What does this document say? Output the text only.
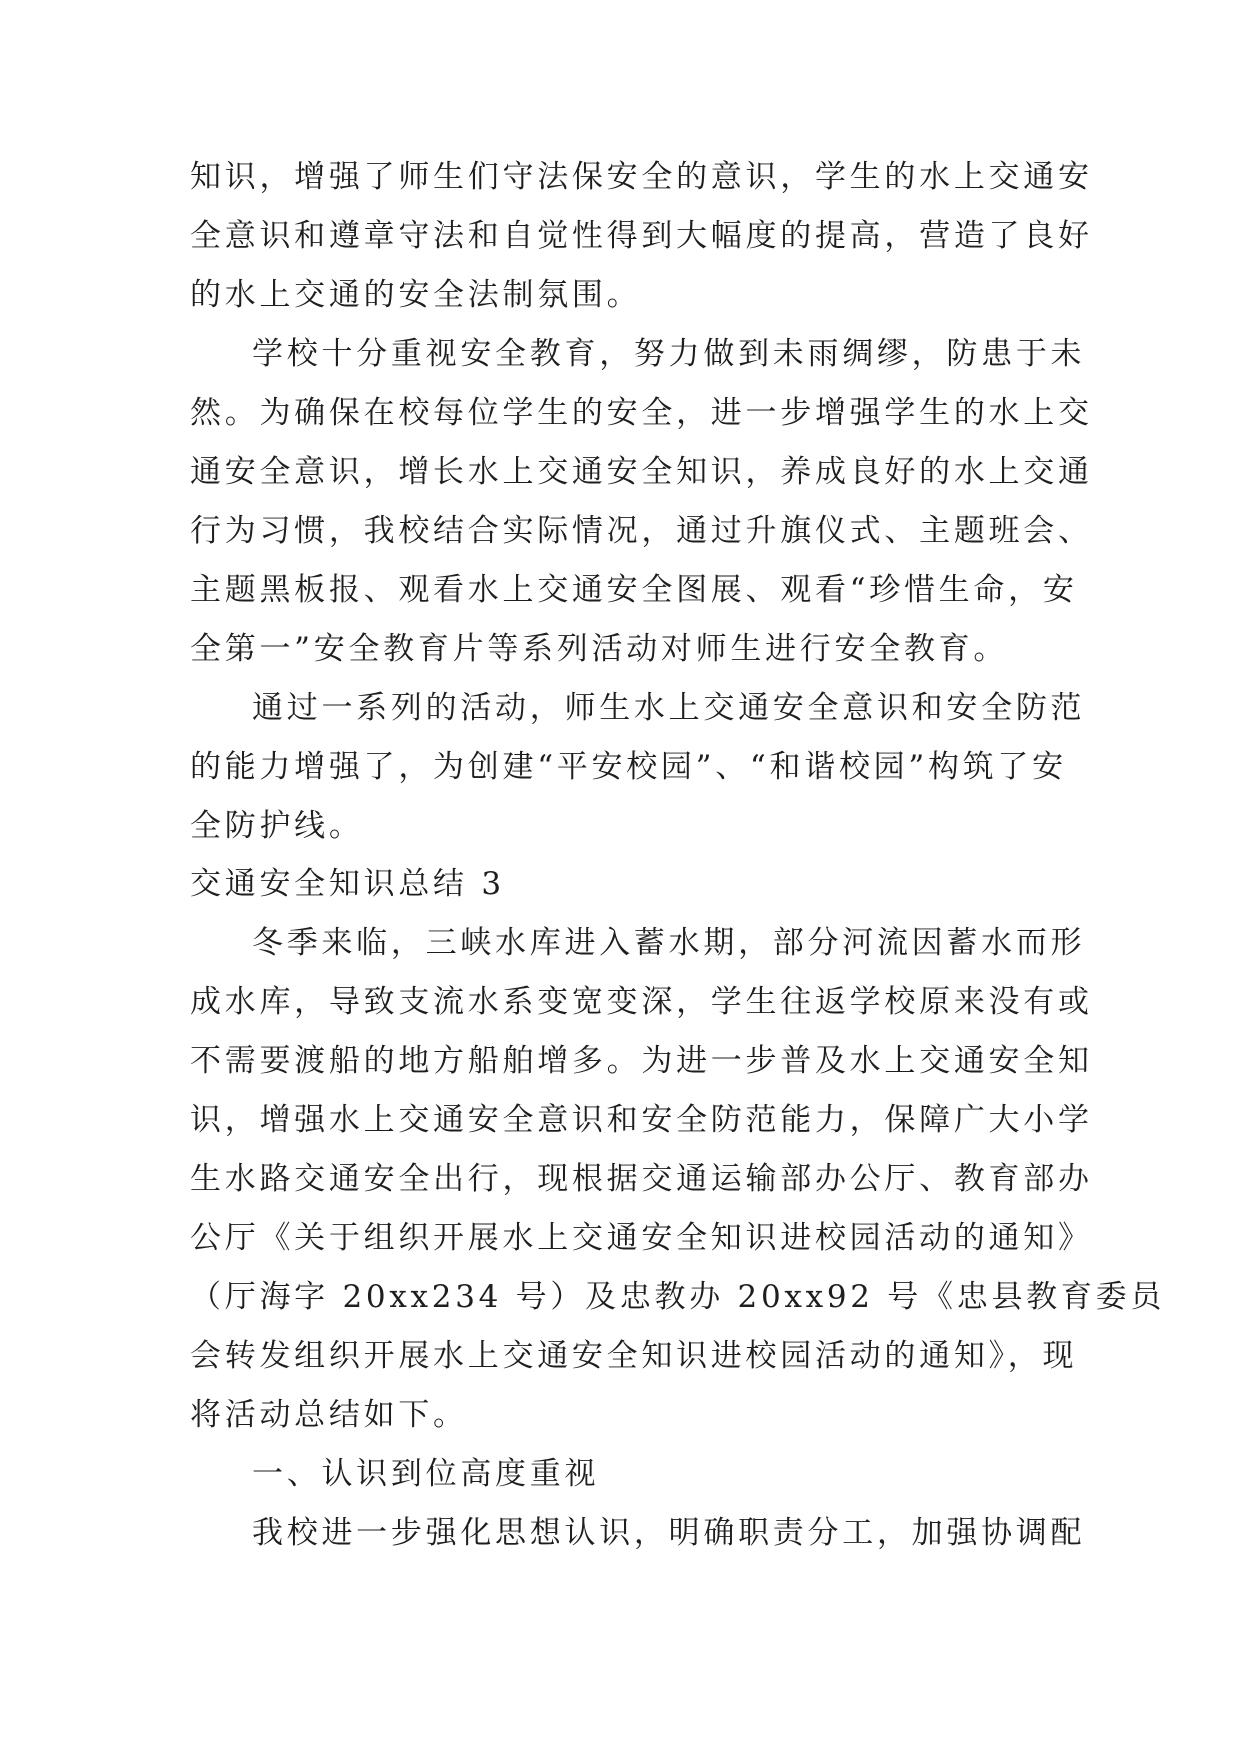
知识，增强了师生们守法保安全的意识，学生的水上交通安
全意识和遵章守法和自觉性得到大幅度的提高，营造了良好
的水上交通的安全法制氛围。
学校十分重视安全教育，努力做到未雨绸缪，防患于未
然。为确保在校每位学生的安全，进一步增强学生的水上交
通安全意识，增长水上交通安全知识，养成良好的水上交通
行为习惯，我校结合实际情况，通过升旗仪式、主题班会、
主题黑板报、观看水上交通安全图展、观看“珍惜生命，安
全第一”安全教育片等系列活动对师生进行安全教育。
通过一系列的活动，师生水上交通安全意识和安全防范
的能力增强了，为创建“平安校园”、“和谐校园”构筑了安
全防护线。
交通安全知识总结 3
冬季来临，三峡水库进入蓄水期，部分河流因蓄水而形
成水库，导致支流水系变宽变深，学生往返学校原来没有或
不需要渡船的地方船舶增多。为进一步普及水上交通安全知
识，增强水上交通安全意识和安全防范能力，保障广大小学
生水路交通安全出行，现根据交通运输部办公厅、教育部办
公厅《关于组织开展水上交通安全知识进校园活动的通知》
（厅海字 20xx234 号）及忠教办 20xx92 号《忠县教育委员
会转发组织开展水上交通安全知识进校园活动的通知》，现
将活动总结如下。
一、认识到位高度重视
我校进一步强化思想认识，明确职责分工，加强协调配
